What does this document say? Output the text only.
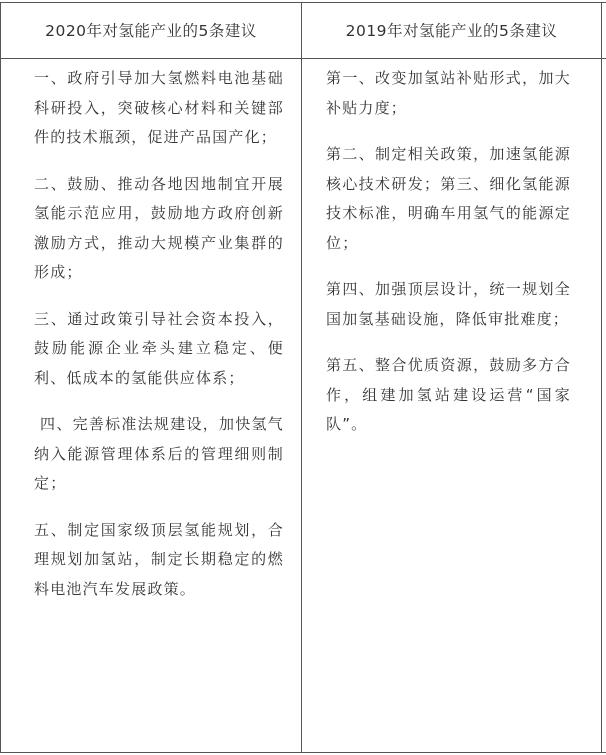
2020年对氢能产业的5条建议	2019年对氢能产业的5条建议

一、政府引导加大氢燃料电池基础科研投入，突破核心材料和关键部件的技术瓶颈，促进产品国产化；

二、鼓励、推动各地因地制宜开展氢能示范应用，鼓励地方政府创新激励方式，推动大规模产业集群的形成；

三、通过政策引导社会资本投入，鼓励能源企业牵头建立稳定、便利、低成本的氢能供应体系；

四、完善标准法规建设，加快氢气纳入能源管理体系后的管理细则制定；

五、制定国家级顶层氢能规划，合理规划加氢站，制定长期稳定的燃料电池汽车发展政策。

第一、改变加氢站补贴形式，加大补贴力度；

第二、制定相关政策，加速氢能源核心技术研发；第三、细化氢能源技术标准，明确车用氢气的能源定位；

第四、加强顶层设计，统一规划全国加氢基础设施，降低审批难度；

第五、整合优质资源，鼓励多方合作，组建加氢站建设运营“国家队”。
